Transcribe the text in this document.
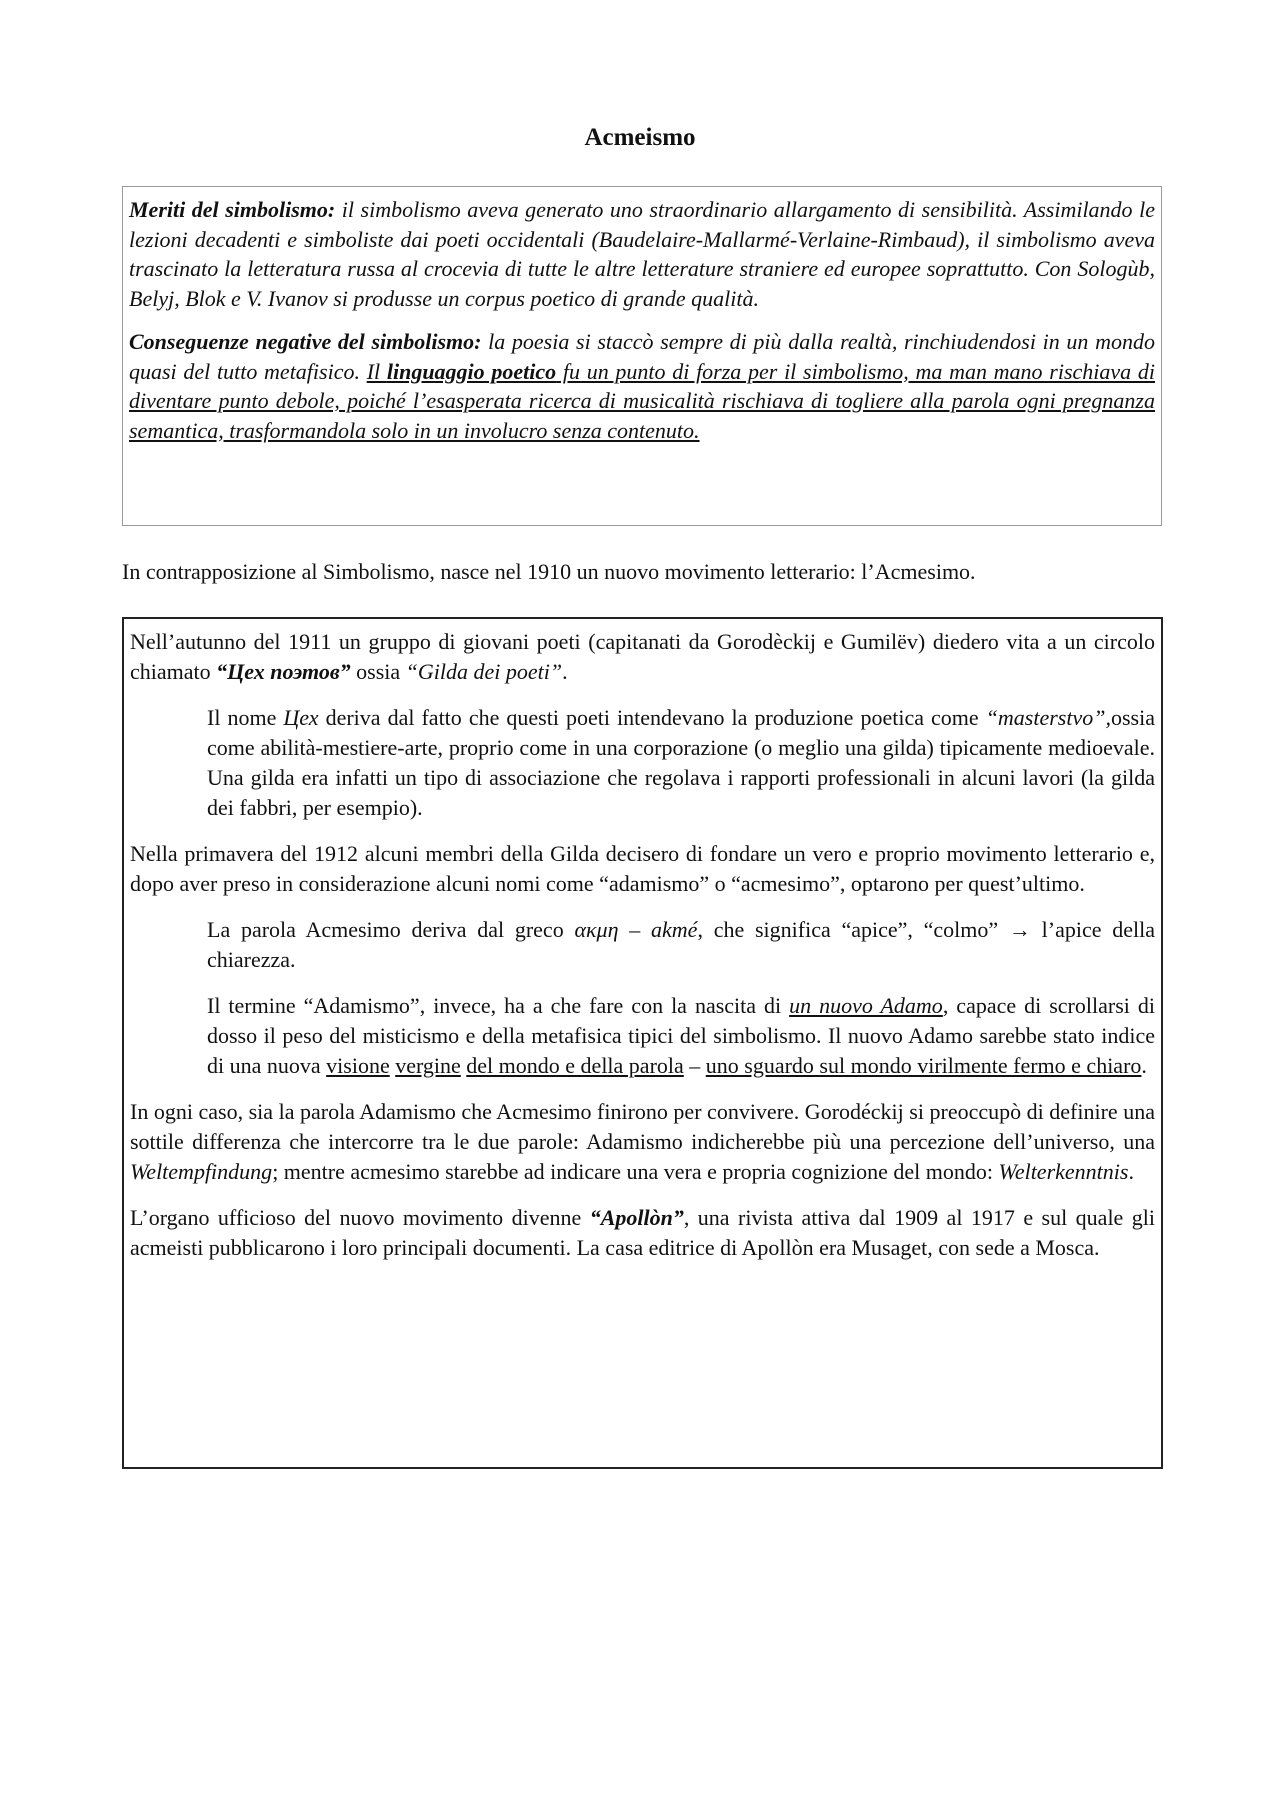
Acmeismo

Meriti del simbolismo: il simbolismo aveva generato uno straordinario allargamento di sensibilità. Assimilando le lezioni decadenti e simboliste dai poeti occidentali (Baudelaire-Mallarmé-Verlaine-Rimbaud), il simbolismo aveva trascinato la letteratura russa al crocevia di tutte le altre letterature straniere ed europee soprattutto. Con Sologùb, Belyj, Blok e V. Ivanov si produsse un corpus poetico di grande qualità.

Conseguenze negative del simbolismo: la poesia si staccò sempre di più dalla realtà, rinchiudendosi in un mondo quasi del tutto metafisico. Il linguaggio poetico fu un punto di forza per il simbolismo, ma man mano rischiava di diventare punto debole, poiché l’esasperata ricerca di musicalità rischiava di togliere alla parola ogni pregnanza semantica, trasformandola solo in un involucro senza contenuto.

In contrapposizione al Simbolismo, nasce nel 1910 un nuovo movimento letterario: l’Acmesimo.

Nell’autunno del 1911 un gruppo di giovani poeti (capitanati da Gorodèckij e Gumilëv) diedero vita a un circolo chiamato “Цех поэтов” ossia “Gilda dei poeti”.

Il nome Цех deriva dal fatto che questi poeti intendevano la produzione poetica come “masterstvo”,ossia come abilità-mestiere-arte, proprio come in una corporazione (o meglio una gilda) tipicamente medioevale. Una gilda era infatti un tipo di associazione che regolava i rapporti professionali in alcuni lavori (la gilda dei fabbri, per esempio).

Nella primavera del 1912 alcuni membri della Gilda decisero di fondare un vero e proprio movimento letterario e, dopo aver preso in considerazione alcuni nomi come “adamismo” o “acmesimo”, optarono per quest’ultimo.

La parola Acmesimo deriva dal greco ακμη – akmé, che significa “apice”, “colmo” → l’apice della chiarezza.

Il termine “Adamismo”, invece, ha a che fare con la nascita di un nuovo Adamo, capace di scrollarsi di dosso il peso del misticismo e della metafisica tipici del simbolismo. Il nuovo Adamo sarebbe stato indice di una nuova visione vergine del mondo e della parola – uno sguardo sul mondo virilmente fermo e chiaro.

In ogni caso, sia la parola Adamismo che Acmesimo finirono per convivere. Gorodéckij si preoccupò di definire una sottile differenza che intercorre tra le due parole: Adamismo indicherebbe più una percezione dell’universo, una Weltempfindung; mentre acmesimo starebbe ad indicare una vera e propria cognizione del mondo: Welterkenntnis.

L’organo ufficioso del nuovo movimento divenne “Apollòn”, una rivista attiva dal 1909 al 1917 e sul quale gli acmeisti pubblicarono i loro principali documenti. La casa editrice di Apollòn era Musaget, con sede a Mosca.
